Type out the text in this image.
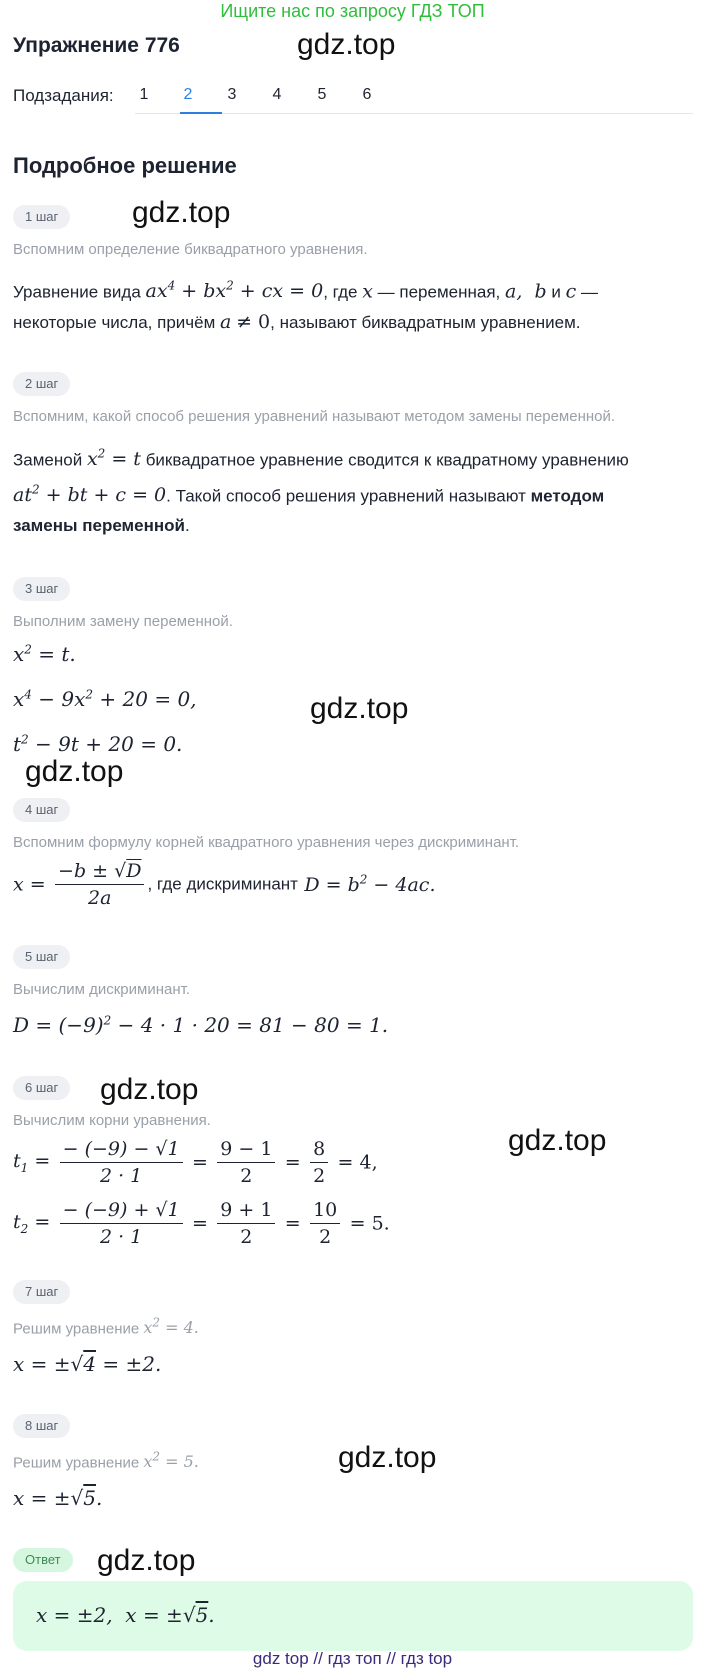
Ищите нас по запросу ГДЗ ТОП
Упражнение 776	gdz.top
Подзадания:	1	2	3	4	5	6
Подробное решение
1 шаг	gdz.top
Вспомним определение биквадратного уравнения.
Уравнение вида $ax^4 + bx^2$ + cx = 0, где x — переменная, a,  b и c —
некоторые числа, причём a ≠ 0, называют биквадратным уравнением.
2 шаг
Вспомним, какой способ решения уравнений называют методом замены переменной.
Заменой $x^2 = t$ биквадратное уравнение сводится к квадратному уравнению
$at^2$ + bt + c = 0. Такой способ решения уравнений называют методом
замены переменной.
3 шаг
Выполним замену переменной.
$x^2 = t$.
$x^4 - 9x^2 + 20 = 0$,	gdz.top
$t^2 - 9t + 20 = 0$.
gdz.top
4 шаг
Вспомним формулу корней квадратного уравнения через дискриминант.
$x = \frac{-b \pm √D}{2a}$ , где дискриминант $D = b^2 - 4ac$.
5 шаг
Вычислим дискриминант.
$D = (-9)^2 - 4 \cdot 1 \cdot 20 = 81 - 80 = 1$.
6 шаг	gdz.top
Вычислим корни уравнения.
gdz.top
$t_1 = \frac{- (-9) - √1}{2 \cdot 1} = \frac{9 - 1}{2} = \frac{8}{2} = 4$,
$t_2 = \frac{- (-9) + √1}{2 \cdot 1} = \frac{9 + 1}{2} = \frac{10}{2} = 5$.
7 шаг
Решим уравнение $x^2 = 4$.
x = ±√4 = ±2.
8 шаг
gdz.top
Решим уравнение $x^2 = 5$.
x = ±√5.
Ответ	gdz.top
x = ±2,  x = ±√5.
gdz top // гдз топ // гдз top
